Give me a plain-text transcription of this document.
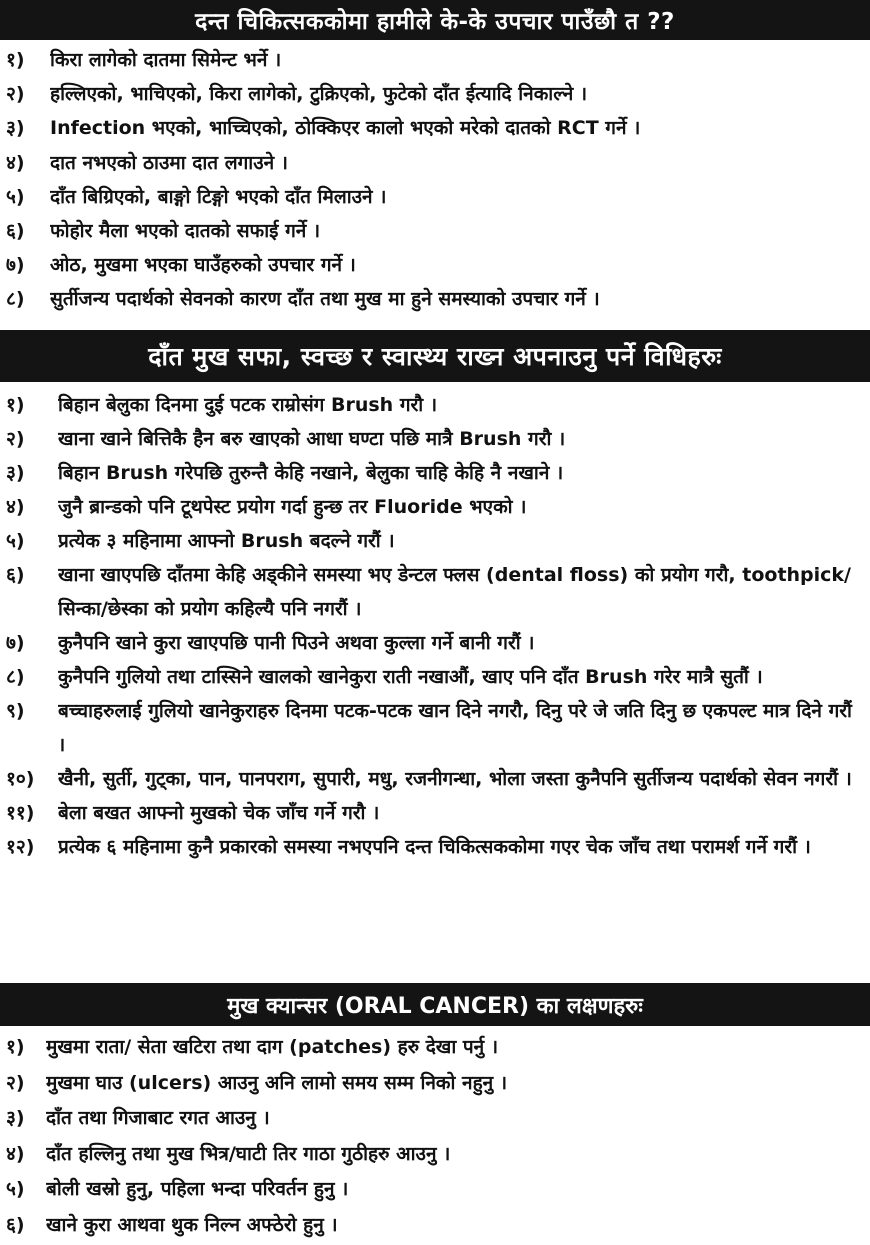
दन्त चिकित्सककोमा हामीले के-के उपचार पाउँछौ त ??
१)	किरा लागेको दातमा सिमेन्ट भर्ने ।
२)	हल्लिएको, भाचिएको, किरा लागेको, टुक्रिएको, फुटेको दाँत ईत्यादि निकाल्ने ।
३)	Infection भएको, भाच्चिएको, ठोक्किएर कालो भएको मरेको दातको RCT गर्ने ।
४)	दात नभएको ठाउमा दात लगाउने ।
५)	दाँत बिग्रिएको, बाङ्गो टिङ्गो भएको दाँत मिलाउने ।
६)	फोहोर मैला भएको दातको सफाई गर्ने ।
७)	ओठ, मुखमा भएका घाउँहरुको उपचार गर्ने ।
८)	सुर्तीजन्य पदार्थको सेवनको कारण दाँत तथा मुख मा हुने समस्याको उपचार गर्ने ।
दाँत मुख सफा, स्वच्छ र स्वास्थ्य राख्न अपनाउनु पर्ने विधिहरुः
१)	बिहान बेलुका दिनमा दुई पटक राम्रोसंग Brush गरौ ।
२)	खाना खाने बित्तिकै हैन बरु खाएको आधा घण्टा पछि मात्रै Brush गरौ ।
३)	बिहान Brush गरेपछि तुरुन्तै केहि नखाने, बेलुका चाहि केहि नै नखाने ।
४)	जुनै ब्रान्डको पनि टूथपेस्ट प्रयोग गर्दा हुन्छ तर Fluoride भएको ।
५)	प्रत्येक ३ महिनामा आफ्नो Brush बदल्ने गरौं ।
६)	खाना खाएपछि दाँतमा केहि अड्कीने समस्या भए डेन्टल फ्लस (dental floss) को प्रयोग गरौ, toothpick/सिन्का/छेस्का को प्रयोग कहिल्यै पनि नगरौं ।
७)	कुनैपनि खाने कुरा खाएपछि पानी पिउने अथवा कुल्ला गर्ने बानी गरौं ।
८)	कुनैपनि गुलियो तथा टास्सिने खालको खानेकुरा राती नखाऔं, खाए पनि दाँत Brush गरेर मात्रै सुतौं ।
९)	बच्चाहरुलाई गुलियो खानेकुराहरु दिनमा पटक-पटक खान दिने नगरौ, दिनु परे जे जति दिनु छ एकपल्ट मात्र दिने गरौं ।
१०)	खैनी, सुर्ती, गुट्का, पान, पानपराग, सुपारी, मधु, रजनीगन्धा, भोला जस्ता कुनैपनि सुर्तीजन्य पदार्थको सेवन नगरौं ।
११)	बेला बखत आफ्नो मुखको चेक जाँच गर्ने गरौ ।
१२)	प्रत्येक ६ महिनामा कुनै प्रकारको समस्या नभएपनि दन्त चिकित्सककोमा गएर चेक जाँच तथा परामर्श गर्ने गरौं ।
मुख क्यान्सर (ORAL CANCER) का लक्षणहरुः
१)	मुखमा राता/ सेता खटिरा तथा दाग (patches) हरु देखा पर्नु ।
२)	मुखमा घाउ (ulcers) आउनु अनि लामो समय सम्म निको नहुनु ।
३)	दाँत तथा गिजाबाट रगत आउनु ।
४)	दाँत हल्लिनु तथा मुख भित्र/घाटी तिर गाठा गुठीहरु आउनु ।
५)	बोली खस्रो हुनु, पहिला भन्दा परिवर्तन हुनु ।
६)	खाने कुरा आथवा थुक निल्न अफ्ठेरो हुनु ।
